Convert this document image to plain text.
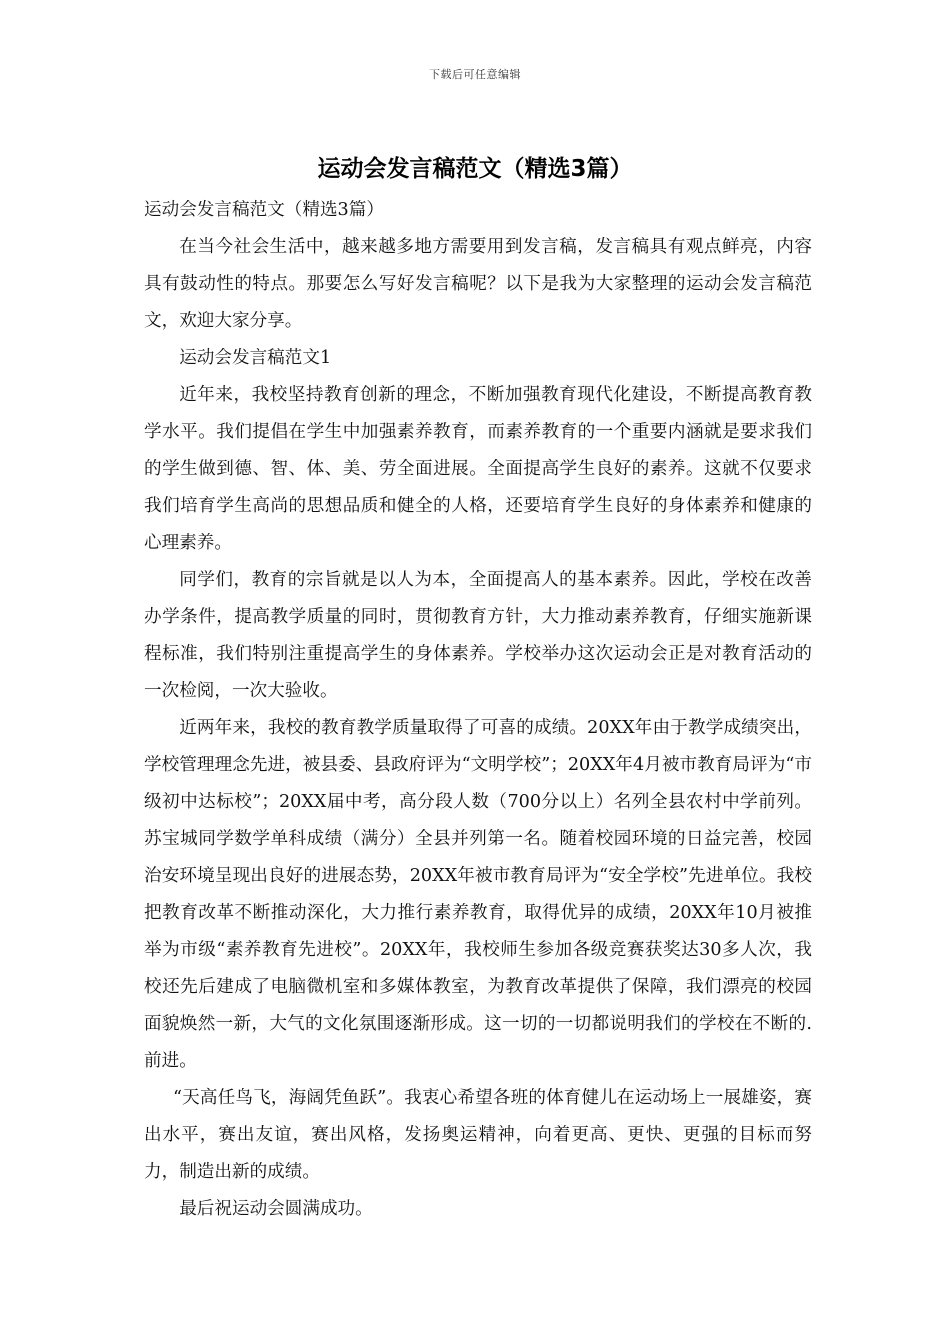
下载后可任意编辑
运动会发言稿范文（精选3篇）

运动会发言稿范文（精选3篇）

在当今社会生活中，越来越多地方需要用到发言稿，发言稿具有观点鲜亮，内容具有鼓动性的特点。那要怎么写好发言稿呢？以下是我为大家整理的运动会发言稿范文，欢迎大家分享。

运动会发言稿范文1

近年来，我校坚持教育创新的理念，不断加强教育现代化建设，不断提高教育教学水平。我们提倡在学生中加强素养教育，而素养教育的一个重要内涵就是要求我们的学生做到德、智、体、美、劳全面进展。全面提高学生良好的素养。这就不仅要求我们培育学生高尚的思想品质和健全的人格，还要培育学生良好的身体素养和健康的心理素养。

同学们，教育的宗旨就是以人为本，全面提高人的基本素养。因此，学校在改善办学条件，提高教学质量的同时，贯彻教育方针，大力推动素养教育，仔细实施新课程标准，我们特别注重提高学生的身体素养。学校举办这次运动会正是对教育活动的一次检阅，一次大验收。

近两年来，我校的教育教学质量取得了可喜的成绩。20XX年由于教学成绩突出，学校管理理念先进，被县委、县政府评为“文明学校”；20XX年4月被市教育局评为“市级初中达标校”；20XX届中考，高分段人数（700分以上）名列全县农村中学前列。苏宝城同学数学单科成绩（满分）全县并列第一名。随着校园环境的日益完善，校园治安环境呈现出良好的进展态势，20XX年被市教育局评为“安全学校”先进单位。我校把教育改革不断推动深化，大力推行素养教育，取得优异的成绩，20XX年10月被推举为市级“素养教育先进校”。20XX年，我校师生参加各级竞赛获奖达30多人次，我校还先后建成了电脑微机室和多媒体教室，为教育改革提供了保障，我们漂亮的校园面貌焕然一新，大气的文化氛围逐渐形成。这一切的一切都说明我们的学校在不断的.前进。

“天高任鸟飞，海阔凭鱼跃”。我衷心希望各班的体育健儿在运动场上一展雄姿，赛出水平，赛出友谊，赛出风格，发扬奥运精神，向着更高、更快、更强的目标而努力，制造出新的成绩。

最后祝运动会圆满成功。
